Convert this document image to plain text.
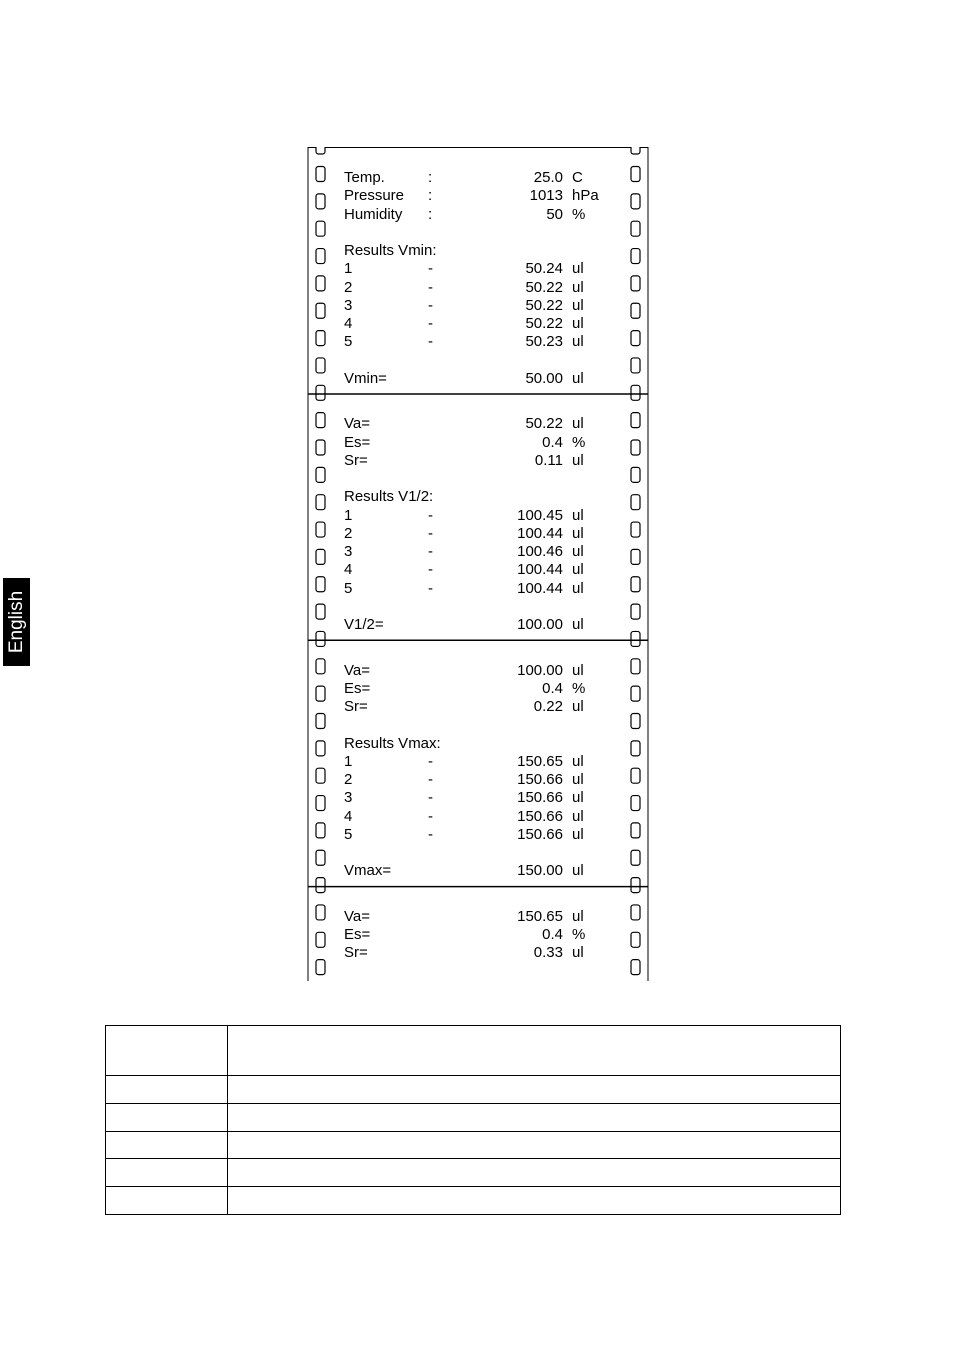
English
Temp.	:	25.0 C
Pressure :	1013 hPa
Humidity :	50 %
Results Vmin:
1	-	50.24 ul
2	-	50.22 ul
3	-	50.22 ul
4	-	50.22 ul
5	-	50.23 ul
Vmin=	50.00 ul
Va=	50.22 ul
Es=	0.4 %
Sr=	0.11 ul
Results V1/2:
1	-	100.45 ul
2	-	100.44 ul
3	-	100.46 ul
4	-	100.44 ul
5	-	100.44 ul
V1/2=	100.00 ul
Va=	100.00 ul
Es=	0.4 %
Sr=	0.22 ul
Results Vmax:
1	-	150.65 ul
2	-	150.66 ul
3	-	150.66 ul
4	-	150.66 ul
5	-	150.66 ul
Vmax=	150.00 ul
Va=	150.65 ul
Es=	0.4 %
Sr=	0.33 ul
